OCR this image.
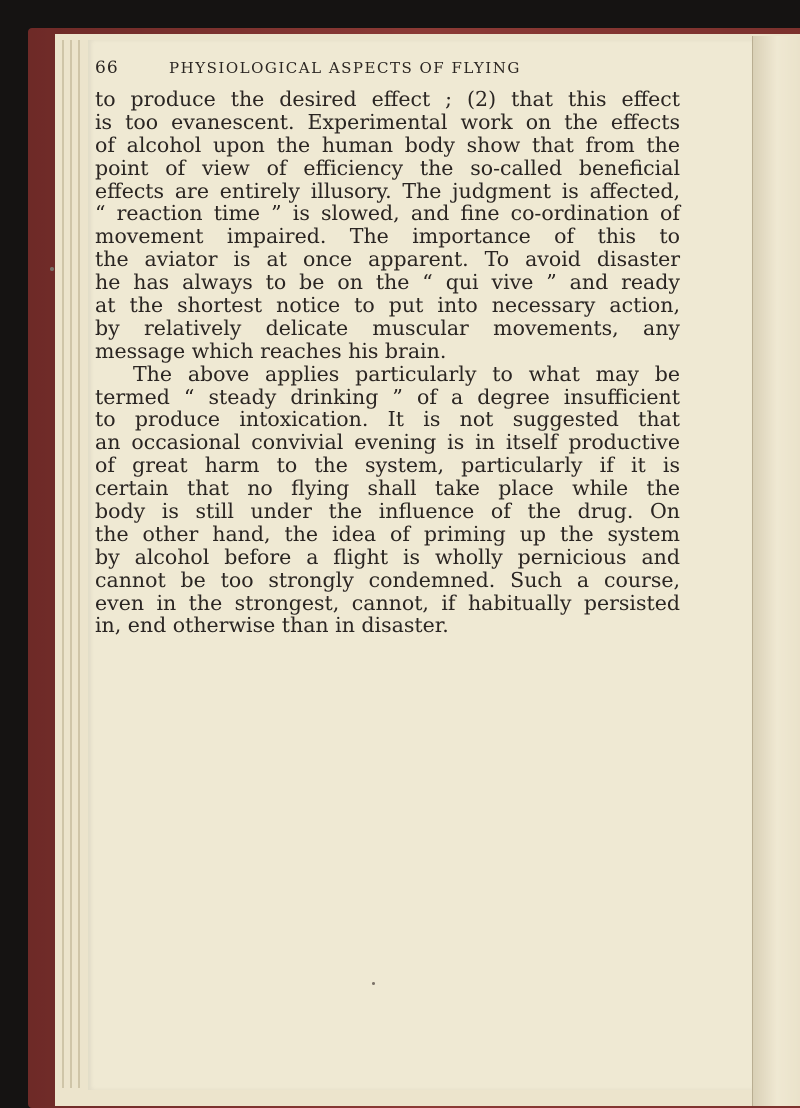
66	PHYSIOLOGICAL ASPECTS OF FLYING
to produce the desired effect ; (2) that this effect
is too evanescent. Experimental work on the effects
of alcohol upon the human body show that from the
point of view of efficiency the so-called beneficial
effects are entirely illusory. The judgment is affected,
“ reaction time ” is slowed, and fine co-ordination of
movement impaired. The importance of this to
the aviator is at once apparent. To avoid disaster
he has always to be on the “ qui vive ” and ready
at the shortest notice to put into necessary action,
by relatively delicate muscular movements, any
message which reaches his brain.
The above applies particularly to what may be
termed “ steady drinking ” of a degree insufficient
to produce intoxication. It is not suggested that
an occasional convivial evening is in itself productive
of great harm to the system, particularly if it is
certain that no flying shall take place while the
body is still under the influence of the drug. On
the other hand, the idea of priming up the system
by alcohol before a flight is wholly pernicious and
cannot be too strongly condemned. Such a course,
even in the strongest, cannot, if habitually persisted
in, end otherwise than in disaster.
